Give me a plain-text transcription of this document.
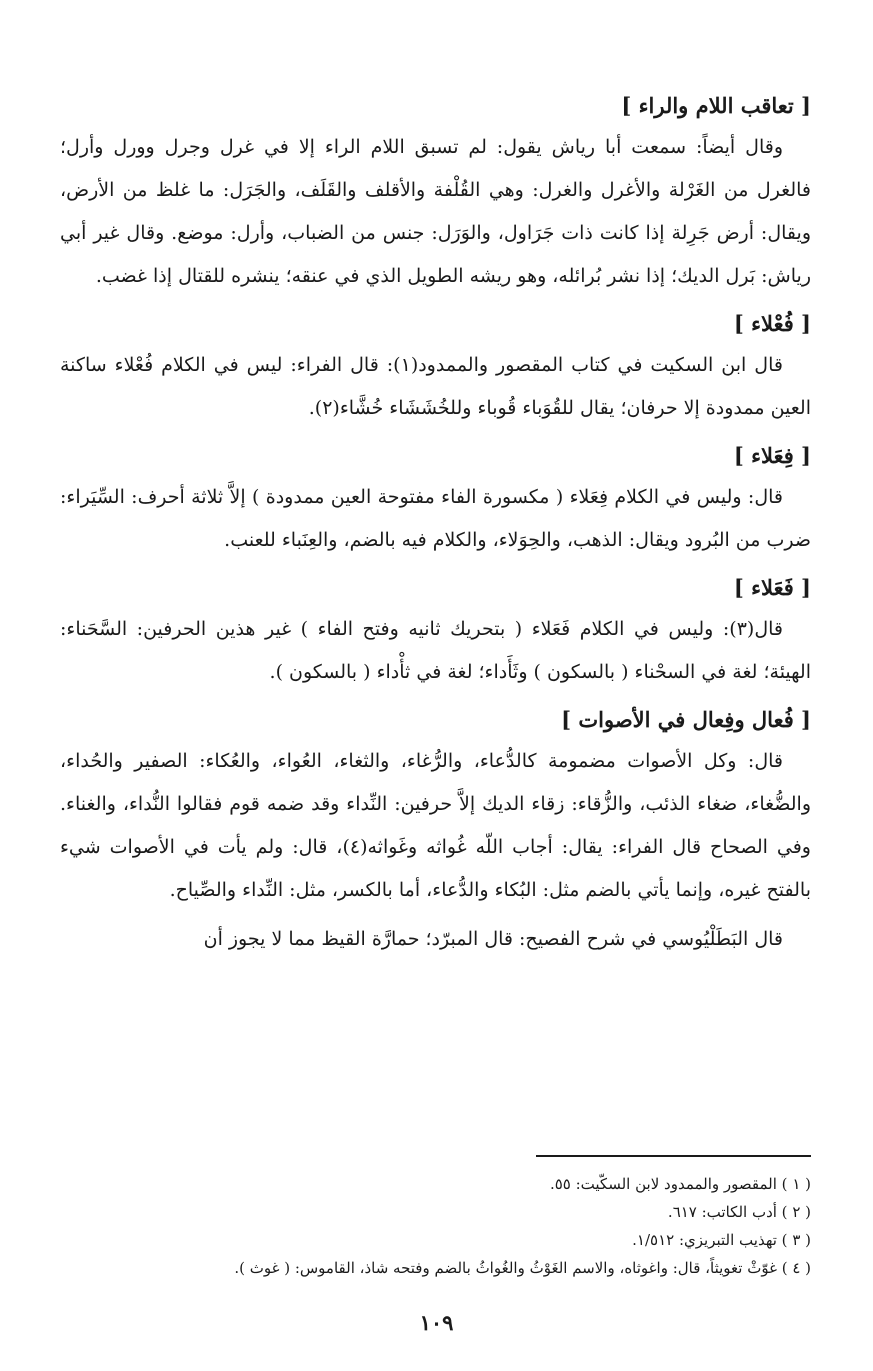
[ تعاقب اللام والراء ]

وقال أيضاً: سمعت أبا رياش يقول: لم تسبق اللام الراء إلا في غرل وجرل وورل وأرل؛ فالغرل من الغَرْلة والأغرل والغرل: وهي القُلْفة والأقلف والقَلَف، والجَرَل: ما غلظ من الأرض، ويقال: أرض جَرِلة إذا كانت ذات جَرَاول، والوَرَل: جنس من الضباب، وأرل: موضع. وقال غير أبي رياش: بَرل الديك؛ إذا نشر بُرائله، وهو ريشه الطويل الذي في عنقه؛ ينشره للقتال إذا غضب.

[ فُعْلاء ]

قال ابن السكيت في كتاب المقصور والممدود(١): قال الفراء: ليس في الكلام فُعْلاء ساكنة العين ممدودة إلا حرفان؛ يقال للقُوَباء قُوباء وللخُشَشَاء خُشَّاء(٢).

[ فِعَلاء ]

قال: وليس في الكلام فِعَلاء ( مكسورة الفاء مفتوحة العين ممدودة ) إلاَّ ثلاثة أحرف: السِّيَراء: ضرب من البُرود ويقال: الذهب، والحِوَلاء، والكلام فيه بالضم، والعِنَباء للعنب.

[ فَعَلاء ]

قال(٣): وليس في الكلام فَعَلاء ( بتحريك ثانيه وفتح الفاء ) غير هذين الحرفين: السَّحَناء: الهيئة؛ لغة في السحْناء ( بالسكون ) وثَأَداء؛ لغة في ثأْداء ( بالسكون ).

[ فُعال وفِعال في الأصوات ]

قال: وكل الأصوات مضمومة كالدُّعاء، والرُّغاء، والثغاء، العُواء، والعُكاء: الصفير والحُداء، والضُّغاء، ضغاء الذئب، والزُّقاء: زقاء الديك إلاَّ حرفين: النِّداء وقد ضمه قوم فقالوا النُّداء، والغناء. وفي الصحاح قال الفراء: يقال: أجاب اللّه غُواثه وغَواثه(٤)، قال: ولم يأت في الأصوات شيء بالفتح غيره، وإنما يأتي بالضم مثل: البُكاء والدُّعاء، أما بالكسر، مثل: النِّداء والصِّياح.

قال البَطَلْيُوسي في شرح الفصيح: قال المبرّد؛ حمارَّة القيظ مما لا يجوز أن

( ١ ) المقصور والممدود لابن السكّيت: ٥٥.

( ٢ ) أدب الكاتب: ٦١٧.

( ٣ ) تهذيب التبريزي: ١/٥١٢.

( ٤ ) غوّثْ تغويثاً، قال: واغوثاه، والاسم الغَوْثُ والغُواثُ بالضم وفتحه شاذ، القاموس: ( غوث ).

١٠٩
